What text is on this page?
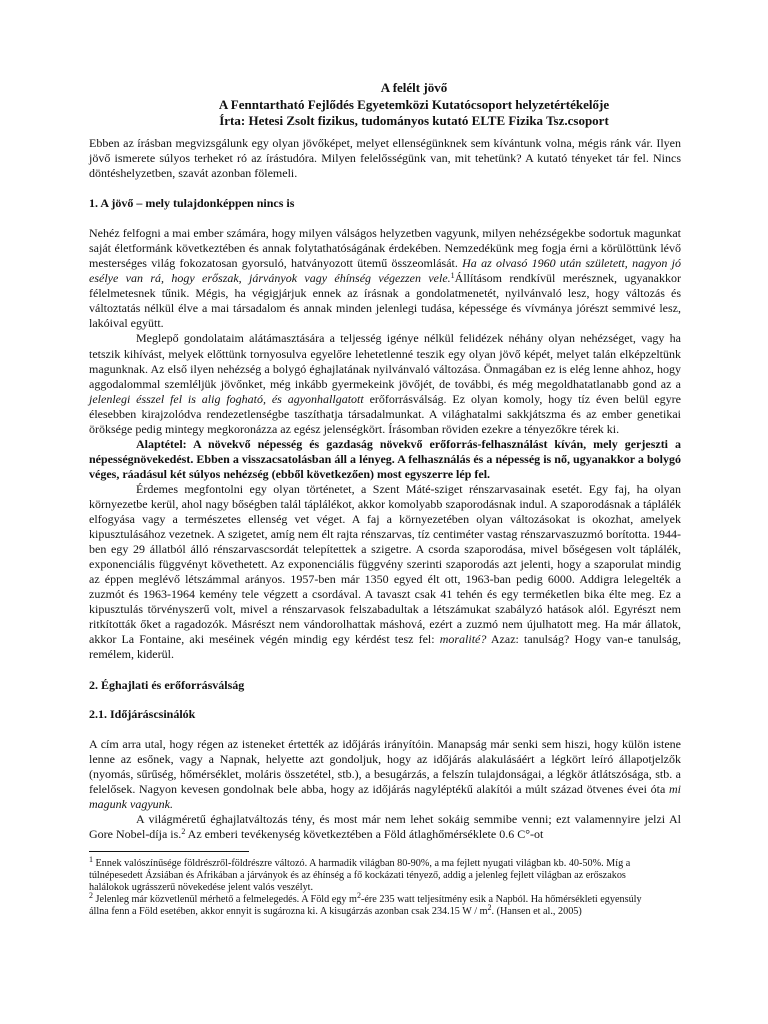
A felélt jövő
A Fenntartható Fejlődés Egyetemközi Kutatócsoport helyzetértékelője
Írta: Hetesi Zsolt fizikus, tudományos kutató ELTE Fizika Tsz.csoport

Ebben az írásban megvizsgálunk egy olyan jövőképet, melyet ellenségünknek sem kívántunk volna, mégis ránk vár. Ilyen jövő ismerete súlyos terheket ró az írástudóra. Milyen felelősségünk van, mit tehetünk? A kutató tényeket tár fel. Nincs döntéshelyzetben, szavát azonban fölemeli.

1. A jövő – mely tulajdonképpen nincs is

Nehéz felfogni a mai ember számára, hogy milyen válságos helyzetben vagyunk, milyen nehézségekbe sodortuk magunkat saját életformánk következtében és annak folytathatóságának érdekében. Nemzedékünk meg fogja érni a körülöttünk lévő mesterséges világ fokozatosan gyorsuló, hatványozott ütemű összeomlását. Ha az olvasó 1960 után született, nagyon jó esélye van rá, hogy erőszak, járványok vagy éhínség végezzen vele.$^1$Állításom rendkívül merésznek, ugyanakkor félelmetesnek tűnik. Mégis, ha végigjárjuk ennek az írásnak a gondolatmenetét, nyilvánvaló lesz, hogy változás és változtatás nélkül élve a mai társadalom és annak minden jelenlegi tudása, képessége és vívmánya jórészt semmivé lesz, lakóival együtt.

Meglepő gondolataim alátámasztására a teljesség igénye nélkül felidézek néhány olyan nehézséget, vagy ha tetszik kihívást, melyek előttünk tornyosulva egyelőre lehetetlenné teszik egy olyan jövő képét, melyet talán elképzeltünk magunknak. Az első ilyen nehézség a bolygó éghajlatának nyilvánvaló változása. Önmagában ez is elég lenne ahhoz, hogy aggodalommal szemléljük jövőnket, még inkább gyermekeink jövőjét, de további, és még megoldhatatlanabb gond az a jelenlegi ésszel fel is alig fogható, és agyonhallgatott erőforrásválság. Ez olyan komoly, hogy tíz éven belül egyre élesebben kirajzolódva rendezetlenségbe taszíthatja társadalmunkat. A világhatalmi sakkjátszma és az ember genetikai öröksége pedig mintegy megkoronázza az egész jelenségkört. Írásomban röviden ezekre a tényezőkre térek ki.

Alaptétel: A növekvő népesség és gazdaság növekvő erőforrás-felhasználást kíván, mely gerjeszti a népességnövekedést. Ebben a visszacsatolásban áll a lényeg. A felhasználás és a népesség is nő, ugyanakkor a bolygó véges, ráadásul két súlyos nehézség (ebből következően) most egyszerre lép fel.

Érdemes megfontolni egy olyan történetet, a Szent Máté-sziget rénszarvasainak esetét. Egy faj, ha olyan környezetbe kerül, ahol nagy bőségben talál táplálékot, akkor komolyabb szaporodásnak indul. A szaporodásnak a táplálék elfogyása vagy a természetes ellenség vet véget. A faj a környezetében olyan változásokat is okozhat, amelyek kipusztulásához vezetnek. A szigetet, amíg nem élt rajta rénszarvas, tíz centiméter vastag rénszarvaszuzmó borította. 1944-ben egy 29 állatból álló rénszarvascsordát telepítettek a szigetre. A csorda szaporodása, mivel bőségesen volt táplálék, exponenciális függvényt követhetett. Az exponenciális függvény szerinti szaporodás azt jelenti, hogy a szaporulat mindig az éppen meglévő létszámmal arányos. 1957-ben már 1350 egyed élt ott, 1963-ban pedig 6000. Addigra lelegelték a zuzmót és 1963-1964 kemény tele végzett a csordával. A tavaszt csak 41 tehén és egy terméketlen bika élte meg. Ez a kipusztulás törvényszerű volt, mivel a rénszarvasok felszabadultak a létszámukat szabályzó hatások alól. Egyrészt nem ritkították őket a ragadozók. Másrészt nem vándorolhattak máshová, ezért a zuzmó nem újulhatott meg. Ha már állatok, akkor La Fontaine, aki meséinek végén mindig egy kérdést tesz fel: moralité? Azaz: tanulság? Hogy van-e tanulság, remélem, kiderül.

2. Éghajlati és erőforrásválság
2.1. Időjáráscsinálók

A cím arra utal, hogy régen az isteneket értették az időjárás irányítóin. Manapság már senki sem hiszi, hogy külön istene lenne az esőnek, vagy a Napnak, helyette azt gondoljuk, hogy az időjárás alakulásáért a légkört leíró állapotjelzők (nyomás, sűrűség, hőmérséklet, moláris összetétel, stb.), a besugárzás, a felszín tulajdonságai, a légkör átlátszósága, stb. a felelősek. Nagyon kevesen gondolnak bele abba, hogy az időjárás nagyléptékű alakítói a múlt század ötvenes évei óta mi magunk vagyunk.

A világméretű éghajlatváltozás tény, és most már nem lehet sokáig semmibe venni; ezt valamennyire jelzi Al Gore Nobel-díja is.$^2$ Az emberi tevékenység következtében a Föld átlaghőmérséklete 0.6 C°-ot

$^1$ Ennek valószínűsége földrészről-földrészre változó. A harmadik világban 80-90%, a ma fejlett nyugati világban kb. 40-50%. Míg a túlnépesedett Ázsiában és Afrikában a járványok és az éhínség a fő kockázati tényező, addig a jelenleg fejlett világban az erőszakos halálokok ugrásszerű növekedése jelent valós veszélyt.

$^2$ Jelenleg már közvetlenül mérhető a felmelegedés. A Föld egy $m^2$-ére 235 watt teljesítmény esik a Napból. Ha hőmérsékleti egyensúly állna fenn a Föld esetében, akkor ennyit is sugározna ki. A kisugárzás azonban csak 234.15 W / $m^2$. (Hansen et al., 2005)
